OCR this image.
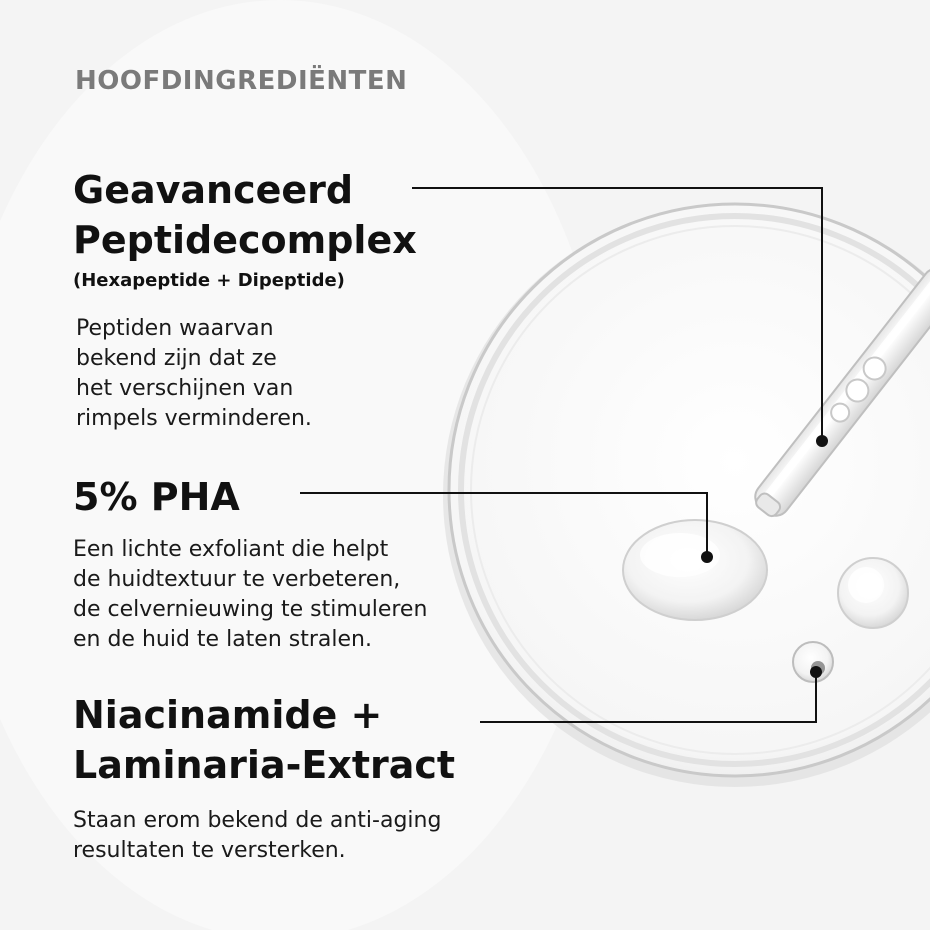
HOOFDINGREDIËNTEN

Geavanceerd
Peptidecomplex

(Hexapeptide + Dipeptide)

Peptiden waarvan
bekend zijn dat ze
het verschijnen van
rimpels verminderen.

5% PHA

Een lichte exfoliant die helpt
de huidtextuur te verbeteren,
de celvernieuwing te stimuleren
en de huid te laten stralen.

Niacinamide +
Laminaria-Extract

Staan erom bekend de anti-aging
resultaten te versterken.
